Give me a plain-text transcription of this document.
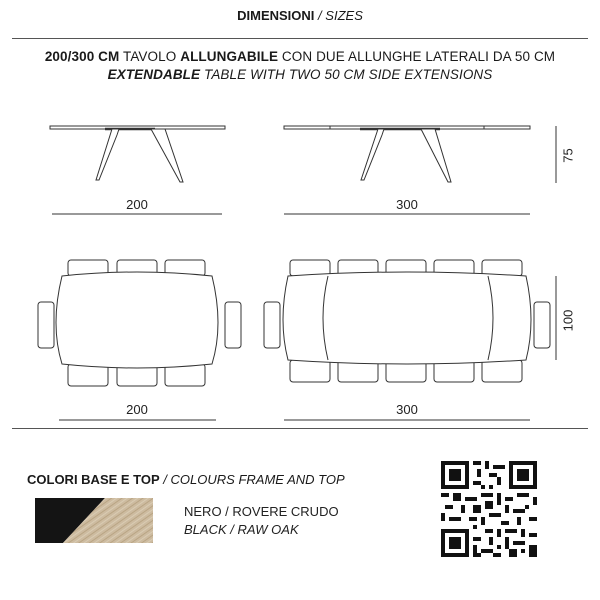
DIMENSIONI / SIZES
200/300 CM TAVOLO ALLUNGABILE CON DUE ALLUNGHE LATERALI DA 50 CM
EXTENDABLE TABLE WITH TWO 50 CM SIDE EXTENSIONS
200	300
75
200	300
100
COLORI BASE E TOP / COLOURS FRAME AND TOP
NERO / ROVERE CRUDO
BLACK / RAW OAK
